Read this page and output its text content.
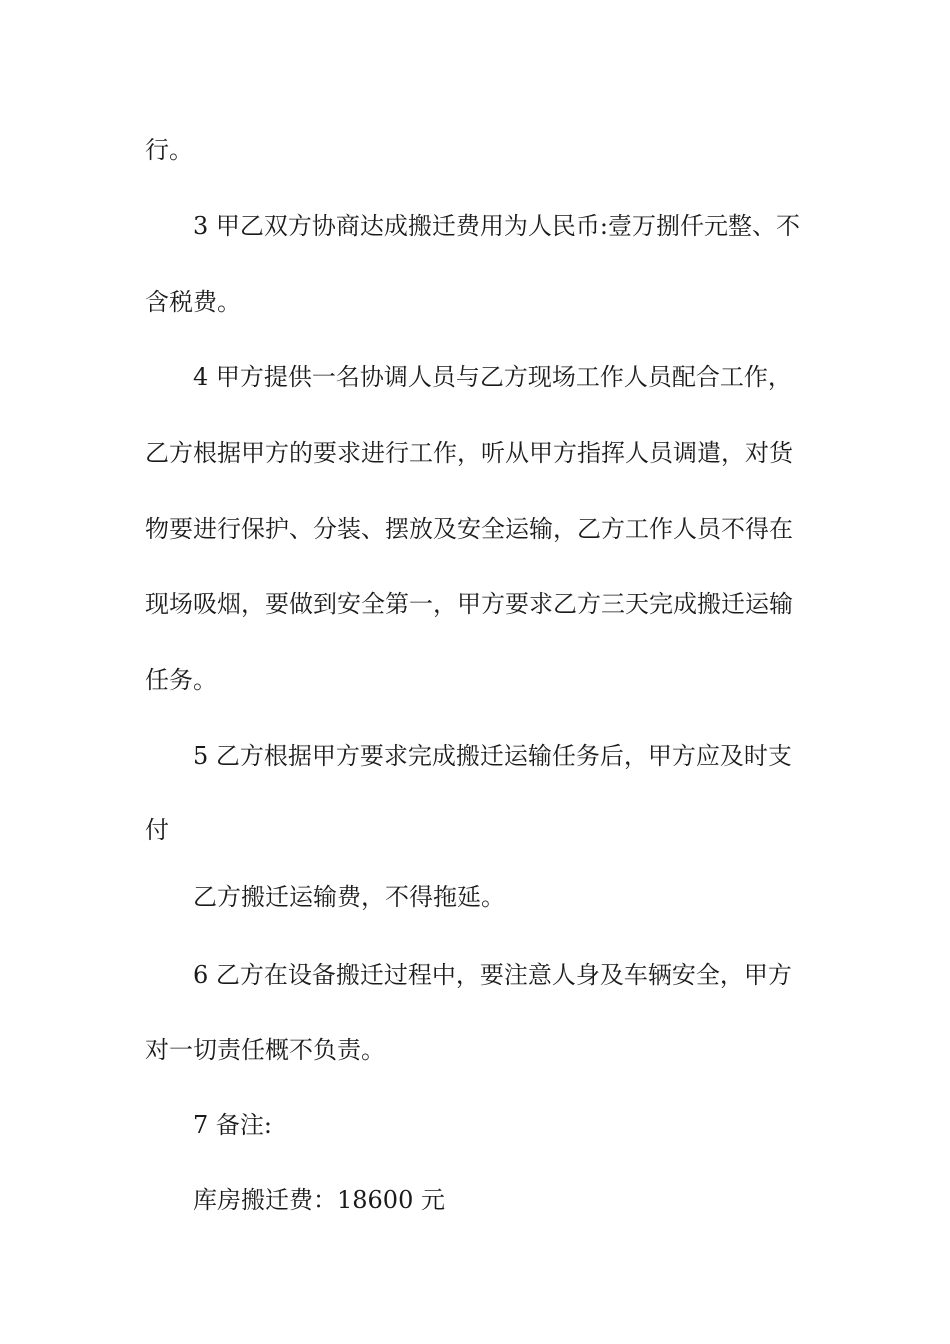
行。
3 甲乙双方协商达成搬迁费用为人民币:壹万捌仟元整、不
含税费。
4 甲方提供一名协调人员与乙方现场工作人员配合工作，
乙方根据甲方的要求进行工作，听从甲方指挥人员调遣，对货
物要进行保护、分装、摆放及安全运输，乙方工作人员不得在
现场吸烟，要做到安全第一，甲方要求乙方三天完成搬迁运输
任务。
5 乙方根据甲方要求完成搬迁运输任务后，甲方应及时支
付
乙方搬迁运输费，不得拖延。
6 乙方在设备搬迁过程中，要注意人身及车辆安全，甲方
对一切责任概不负责。
7 备注:
库房搬迁费：18600 元
